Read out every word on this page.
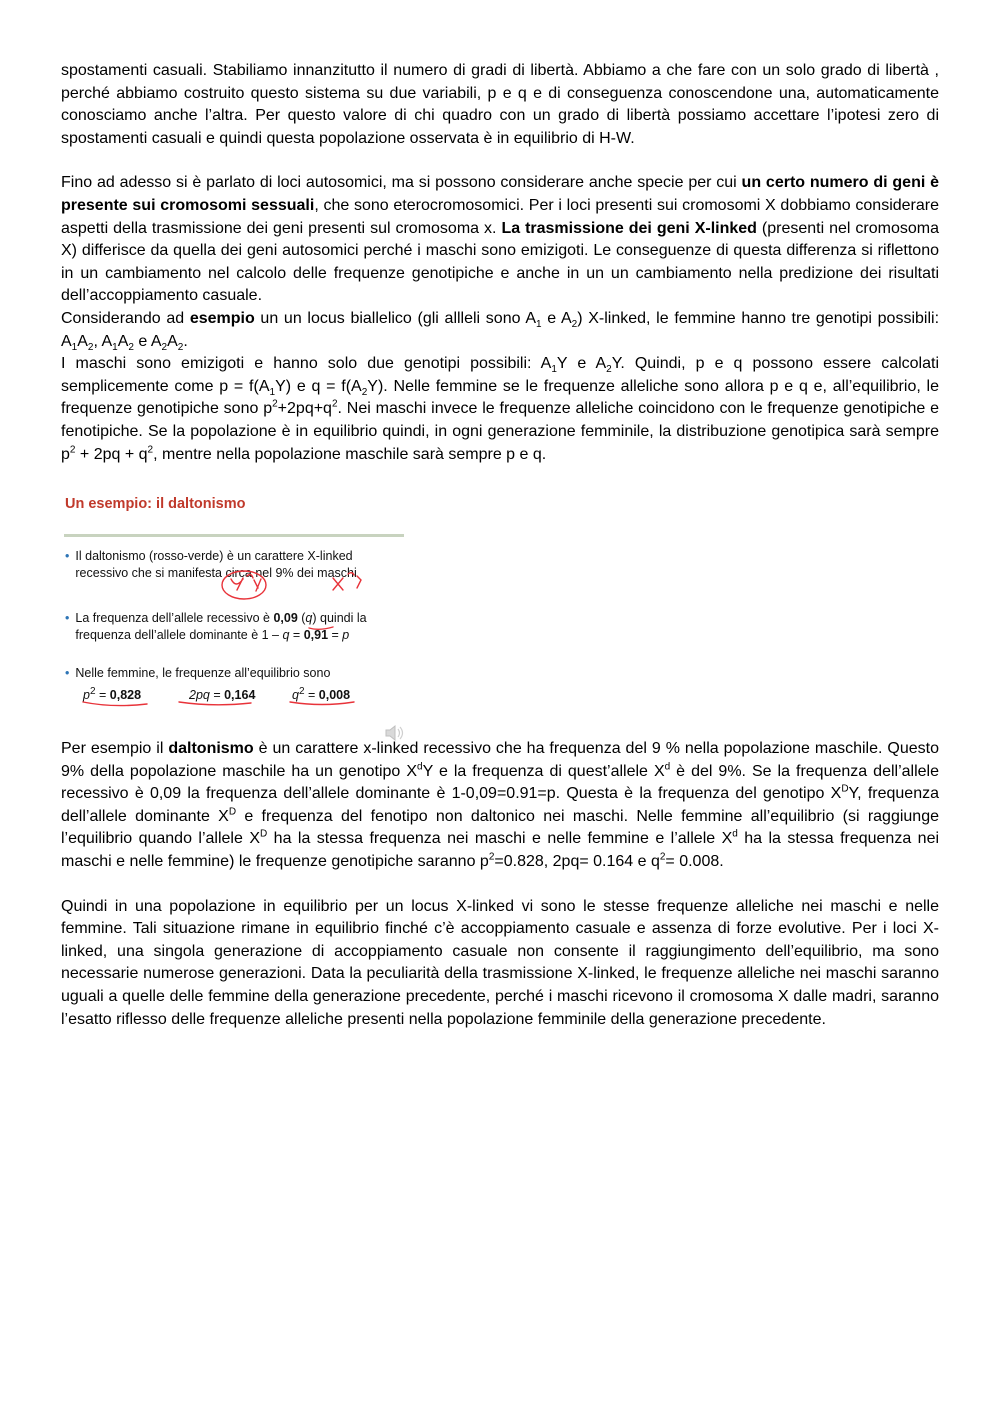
spostamenti casuali. Stabiliamo innanzitutto il numero di gradi di libertà. Abbiamo a che fare con un solo grado di libertà , perché abbiamo costruito questo sistema su due variabili, p e q e di conseguenza conoscendone una, automaticamente conosciamo anche l’altra. Per questo valore di chi quadro con un grado di libertà possiamo accettare l’ipotesi zero di spostamenti casuali e quindi questa popolazione osservata è in equilibrio di H-W.

Fino ad adesso si è parlato di loci autosomici, ma si possono considerare anche specie per cui un certo numero di geni è presente sui cromosomi sessuali, che sono eterocromosomici. Per i loci presenti sui cromosomi X dobbiamo considerare aspetti della trasmissione dei geni presenti sul cromosoma x. La trasmissione dei geni X-linked (presenti nel cromosoma X) differisce da quella dei geni autosomici perché i maschi sono emizigoti. Le conseguenze di questa differenza si riflettono in un cambiamento nel calcolo delle frequenze genotipiche e anche in un un cambiamento nella predizione dei risultati dell’accoppiamento casuale.

Considerando ad esempio un un locus biallelico (gli allleli sono $A_1$ e $A_2$) X-linked, le femmine hanno tre genotipi possibili: $A_1A_2$, $A_1A_2$ e $A_2A_2$.

I maschi sono emizigoti e hanno solo due genotipi possibili: $A_1Y$ e $A_2Y$. Quindi, p e q possono essere calcolati semplicemente come $p = f(A_1Y)$ e $q = f(A_2Y)$. Nelle femmine se le frequenze alleliche sono allora p e q e, all’equilibrio, le frequenze genotipiche sono $p^2+2pq+q^2$. Nei maschi invece le frequenze alleliche coincidono con le frequenze genotipiche e fenotipiche. Se la popolazione è in equilibrio quindi, in ogni generazione femminile, la distribuzione genotipica sarà sempre $p^2 + 2pq + q^2$, mentre nella popolazione maschile sarà sempre p e q.

Un esempio: il daltonismo
• Il daltonismo (rosso-verde) è un carattere X-linked recessivo che si manifesta circa nel 9% dei maschi
• La frequenza dell’allele recessivo è 0,09 (q) quindi la frequenza dell’allele dominante è 1 – q = 0,91 = p
• Nelle femmine, le frequenze all’equilibrio sono
$p^2 = 0,828$	2pq = 0,164	$q^2 = 0,008$

Per esempio il daltonismo è un carattere x-linked recessivo che ha frequenza del 9 % nella popolazione maschile. Questo 9% della popolazione maschile ha un genotipo $X^dY$ e la frequenza di quest’allele $X^d$ è del 9%. Se la frequenza dell’allele recessivo è 0,09 la frequenza dell’allele dominante è 1-0,09=0.91=p. Questa è la frequenza del genotipo $X^DY$, frequenza dell’allele dominante $X^D$ e frequenza del fenotipo non daltonico nei maschi. Nelle femmine all’equilibrio (si raggiunge l’equilibrio quando l’allele $X^D$ ha la stessa frequenza nei maschi e nelle femmine e l’allele $X^d$ ha la stessa frequenza nei maschi e nelle femmine) le frequenze genotipiche saranno $p^2=0.828$, 2pq= 0.164 e $q^2= 0.008$.

Quindi in una popolazione in equilibrio per un locus X-linked vi sono le stesse frequenze alleliche nei maschi e nelle femmine. Tali situazione rimane in equilibrio finché c’è accoppiamento casuale e assenza di forze evolutive. Per i loci X-linked, una singola generazione di accoppiamento casuale non consente il raggiungimento dell’equilibrio, ma sono necessarie numerose generazioni. Data la peculiarità della trasmissione X-linked, le frequenze alleliche nei maschi saranno uguali a quelle delle femmine della generazione precedente, perché i maschi ricevono il cromosoma X dalle madri, saranno l’esatto riflesso delle frequenze alleliche presenti nella popolazione femminile della generazione precedente.
